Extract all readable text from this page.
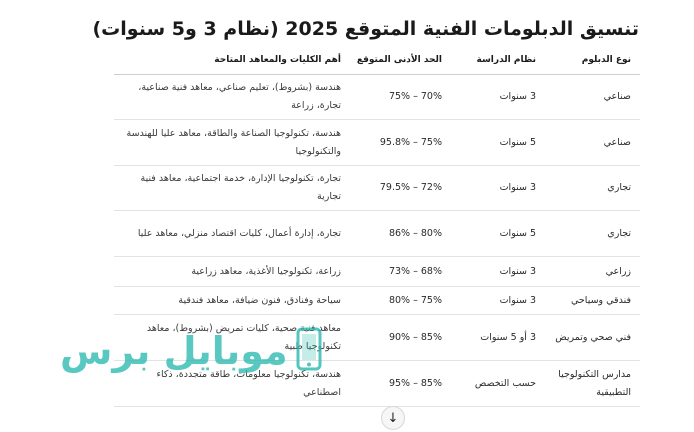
تنسيق الدبلومات الفنية المتوقع 2025 (نظام 3 و5 سنوات)
نوع الدبلوم	نظام الدراسة	الحد الأدنى المتوقع	أهم الكليات والمعاهد المتاحة
صناعي	3 سنوات	70% – 75%	هندسة (بشروط)، تعليم صناعي، معاهد فنية صناعية، تجارة، زراعة
صناعي	5 سنوات	75% – 95.8%	هندسة، تكنولوجيا الصناعة والطاقة، معاهد عليا للهندسة والتكنولوجيا
تجاري	3 سنوات	72% – 79.5%	تجارة، تكنولوجيا الإدارة، خدمة اجتماعية، معاهد فنية تجارية
تجاري	5 سنوات	80% – 86%	تجارة، إدارة أعمال، كليات اقتصاد منزلي، معاهد عليا
زراعي	3 سنوات	68% – 73%	زراعة، تكنولوجيا الأغذية، معاهد زراعية
فندقي وسياحي	3 سنوات	75% – 80%	سياحة وفنادق، فنون ضيافة، معاهد فندقية
فني صحي وتمريض	3 أو 5 سنوات	85% – 90%	معاهد فنية صحية، كليات تمريض (بشروط)، معاهد تكنولوجيا طبية
مدارس التكنولوجيا التطبيقية	حسب التخصص	85% – 95%	هندسة، تكنولوجيا معلومات، طاقة متجددة، ذكاء اصطناعي
موبايل برس
↓
